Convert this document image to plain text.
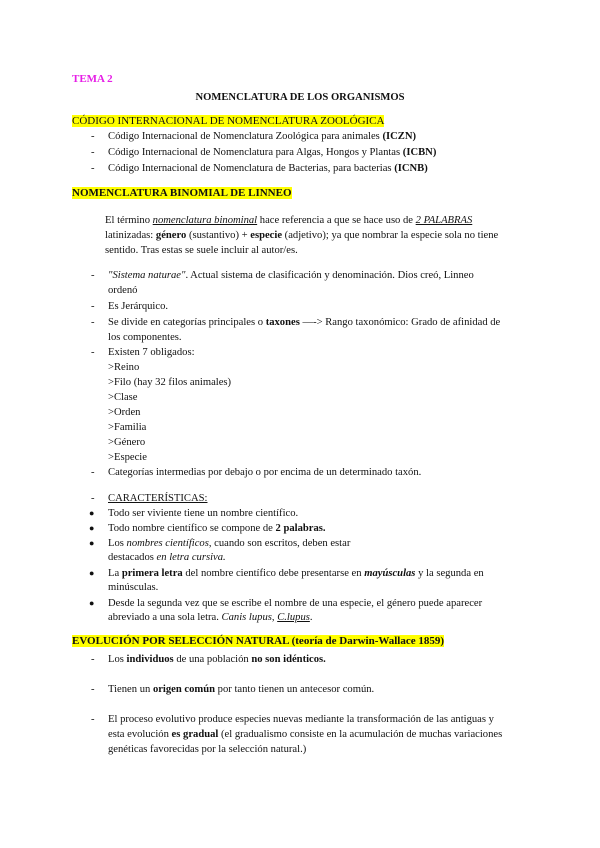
TEMA 2
NOMENCLATURA DE LOS ORGANISMOS
CÓDIGO INTERNACIONAL DE NOMENCLATURA ZOOLÓGICA
- Código Internacional de Nomenclatura Zoológica para animales (ICZN)
- Código Internacional de Nomenclatura para Algas, Hongos y Plantas (ICBN)
- Código Internacional de Nomenclatura de Bacterias, para bacterias (ICNB)
NOMENCLATURA BINOMIAL DE LINNEO
El término nomenclatura binominal hace referencia a que se hace uso de 2 PALABRAS
latinizadas: género (sustantivo) + especie (adjetivo); ya que nombrar la especie sola no tiene
sentido. Tras estas se suele incluir al autor/es.
- "Sistema naturae". Actual sistema de clasificación y denominación. Dios creó, Linneo
ordenó
- Es Jerárquico.
- Se divide en categorías principales o taxones —-> Rango taxonómico: Grado de afinidad de
los componentes.
- Existen 7 obligados:
>Reino
>Filo (hay 32 filos animales)
>Clase
>Orden
>Familia
>Género
>Especie
- Categorías intermedias por debajo o por encima de un determinado taxón.
- CARACTERÍSTICAS:
● Todo ser viviente tiene un nombre científico.
● Todo nombre científico se compone de 2 palabras.
● Los nombres científicos, cuando son escritos, deben estar
destacados en letra cursiva.
● La primera letra del nombre científico debe presentarse en mayúsculas y la segunda en
minúsculas.
● Desde la segunda vez que se escribe el nombre de una especie, el género puede aparecer
abreviado a una sola letra. Canis lupus, C.lupus.
EVOLUCIÓN POR SELECCIÓN NATURAL (teoría de Darwin-Wallace 1859)
- Los individuos de una población no son idénticos.
- Tienen un origen común por tanto tienen un antecesor común.
- El proceso evolutivo produce especies nuevas mediante la transformación de las antiguas y
esta evolución es gradual (el gradualismo consiste en la acumulación de muchas variaciones
genéticas favorecidas por la selección natural.)
